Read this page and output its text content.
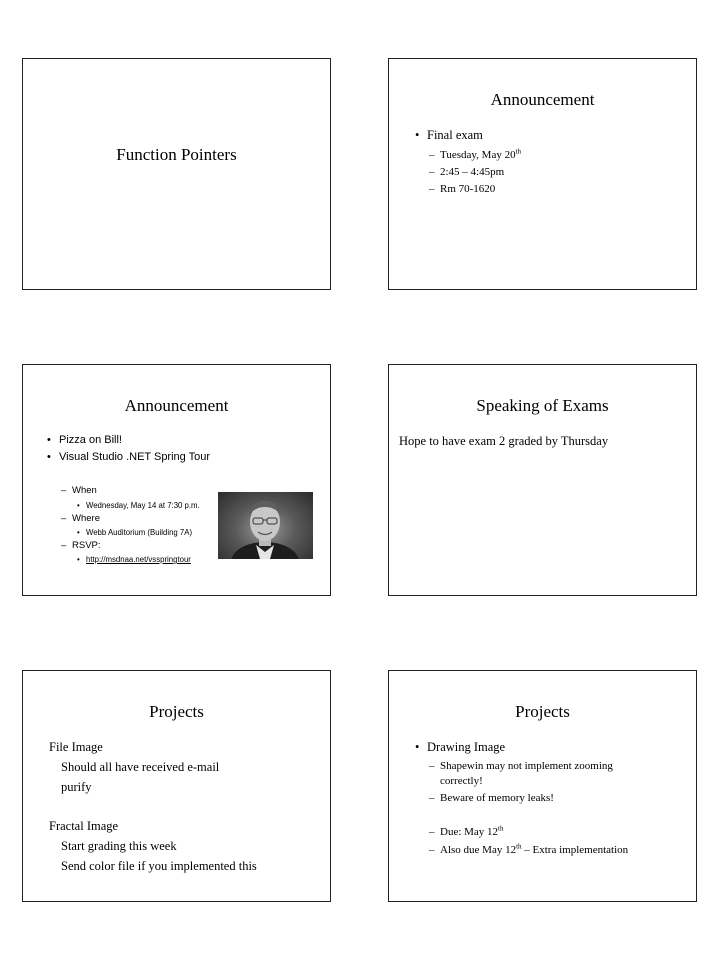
Function Pointers
Announcement
• Final exam
– Tuesday, May 20th
– 2:45 – 4:45pm
– Rm 70-1620
Announcement
• Pizza on Bill!
• Visual Studio .NET Spring Tour
– When
• Wednesday, May 14 at 7:30 p.m.
– Where
• Webb Auditorium (Building 7A)
– RSVP:
• http://msdnaa.net/vsspringtour
Speaking of Exams
Hope to have exam 2 graded by Thursday
Projects
File Image
Should all have received e-mail
purify
Fractal Image
Start grading this week
Send color file if you implemented this
Projects
• Drawing Image
– Shapewin may not implement zooming
correctly!
– Beware of memory leaks!
– Due: May 12th
– Also due May 12th – Extra implementation
